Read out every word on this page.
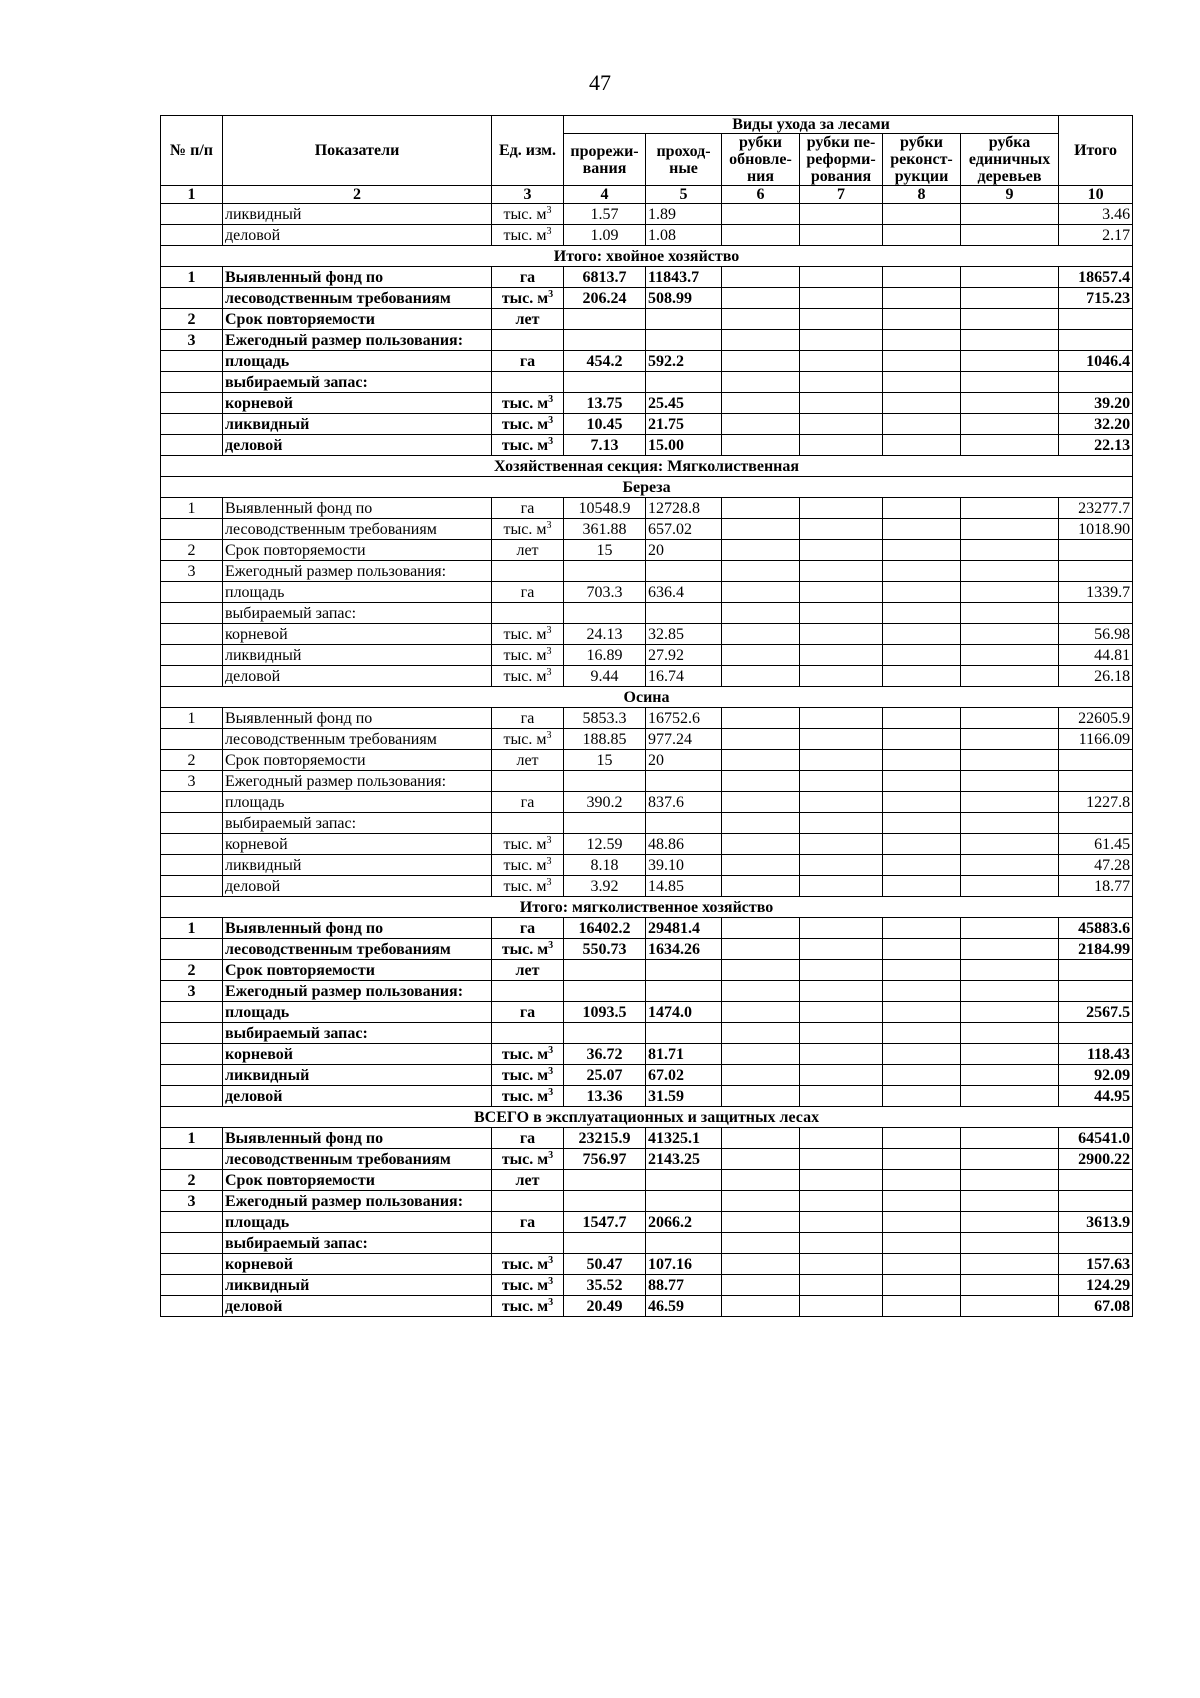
47
№ п/п	Показатели	Ед. изм.	Виды ухода за лесами						Итого
			прорежи-вания	проход-ные	рубки обновле-ния	рубки пе-реформи-рования	рубки реконст-рукции	рубка единичных деревьев	
1	2	3	4	5	6	7	8	9	10
	ликвидный	тыс. $м^3$	1.57	1.89					3.46
	деловой	тыс. $м^3$	1.09	1.08					2.17
Итого: хвойное хозяйство									
1	Выявленный фонд по	га	6813.7	11843.7					18657.4
	лесоводственным требованиям	тыс. $м^3$	206.24	508.99					715.23
2	Срок повторяемости	лет							
3	Ежегодный размер пользования:								
	площадь	га	454.2	592.2					1046.4
	выбираемый запас:								
	корневой	тыс. $м^3$	13.75	25.45					39.20
	ликвидный	тыс. $м^3$	10.45	21.75					32.20
	деловой	тыс. $м^3$	7.13	15.00					22.13
Хозяйственная секция: Мягколиственная									
Береза									
1	Выявленный фонд по	га	10548.9	12728.8					23277.7
	лесоводственным требованиям	тыс. $м^3$	361.88	657.02					1018.90
2	Срок повторяемости	лет	15	20					
3	Ежегодный размер пользования:								
	площадь	га	703.3	636.4					1339.7
	выбираемый запас:								
	корневой	тыс. $м^3$	24.13	32.85					56.98
	ликвидный	тыс. $м^3$	16.89	27.92					44.81
	деловой	тыс. $м^3$	9.44	16.74					26.18
Осина									
1	Выявленный фонд по	га	5853.3	16752.6					22605.9
	лесоводственным требованиям	тыс. $м^3$	188.85	977.24					1166.09
2	Срок повторяемости	лет	15	20					
3	Ежегодный размер пользования:								
	площадь	га	390.2	837.6					1227.8
	выбираемый запас:								
	корневой	тыс. $м^3$	12.59	48.86					61.45
	ликвидный	тыс. $м^3$	8.18	39.10					47.28
	деловой	тыс. $м^3$	3.92	14.85					18.77
Итого: мягколиственное хозяйство									
1	Выявленный фонд по	га	16402.2	29481.4					45883.6
	лесоводственным требованиям	тыс. $м^3$	550.73	1634.26					2184.99
2	Срок повторяемости	лет							
3	Ежегодный размер пользования:								
	площадь	га	1093.5	1474.0					2567.5
	выбираемый запас:								
	корневой	тыс. $м^3$	36.72	81.71					118.43
	ликвидный	тыс. $м^3$	25.07	67.02					92.09
	деловой	тыс. $м^3$	13.36	31.59					44.95
ВСЕГО в эксплуатационных и защитных лесах									
1	Выявленный фонд по	га	23215.9	41325.1					64541.0
	лесоводственным требованиям	тыс. $м^3$	756.97	2143.25					2900.22
2	Срок повторяемости	лет							
3	Ежегодный размер пользования:								
	площадь	га	1547.7	2066.2					3613.9
	выбираемый запас:								
	корневой	тыс. $м^3$	50.47	107.16					157.63
	ликвидный	тыс. $м^3$	35.52	88.77					124.29
	деловой	тыс. $м^3$	20.49	46.59					67.08
